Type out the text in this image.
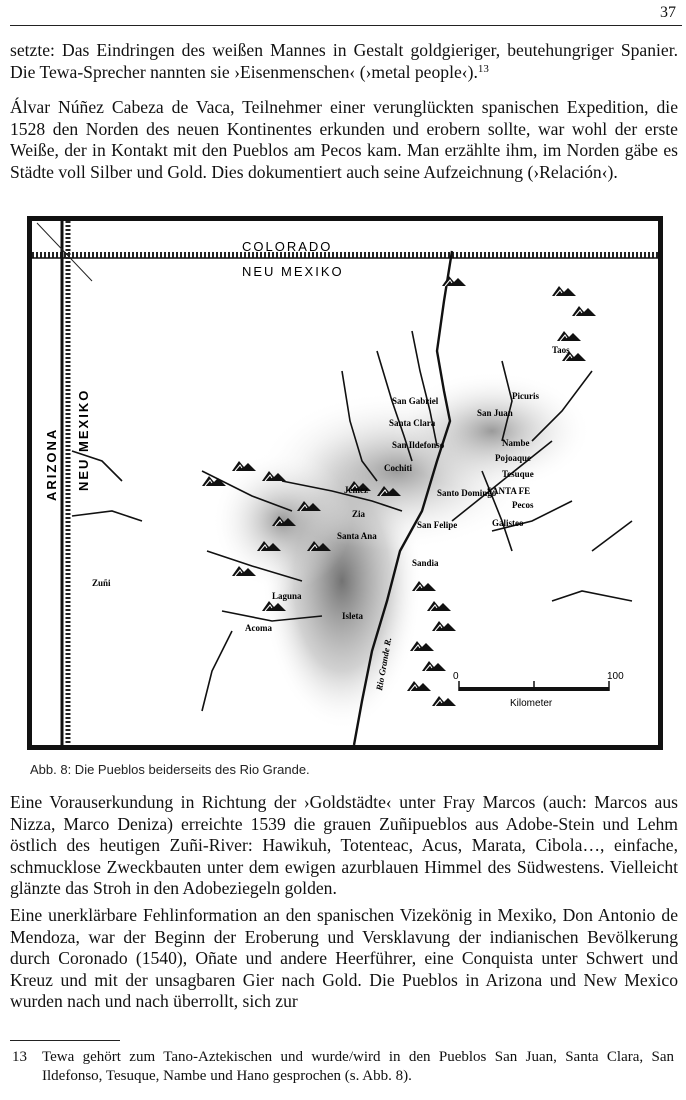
37

setzte: Das Eindringen des weißen Mannes in Gestalt goldgieriger, beutehungriger Spanier. Die Tewa-Sprecher nannten sie ›Eisenmenschen‹ (›metal people‹).$^{13}$

Álvar Núñez Cabeza de Vaca, Teilnehmer einer verunglückten spanischen Expedition, die 1528 den Norden des neuen Kontinentes erkunden und erobern sollte, war wohl der erste Weiße, der in Kontakt mit den Pueblos am Pecos kam. Man erzählte ihm, im Norden gäbe es Städte voll Silber und Gold. Dies dokumentiert auch seine Aufzeichnung (›Relación‹).

COLORADO
NEU MEXIKO
ARIZONA NEU MEXIKO
Taos
Picuris
San Juan
San Gabriel
Santa Clara
San Ildefonso
Cochiti
Nambe
Pojoaque
Tesuque
SANTA FE
Pecos
Jemez
Zia
Santo Domingo
Santa Ana
San Felipe	Galisteo
Sandia
Zuñi
Laguna
Isleta
Acoma
Rio Grande R.	0	100
Kilometer
Abb. 8: Die Pueblos beiderseits des Rio Grande.

Eine Vorauserkundung in Richtung der ›Goldstädte‹ unter Fray Marcos (auch: Marcos aus Nizza, Marco Deniza) erreichte 1539 die grauen Zuñipueblos aus Adobe-Stein und Lehm östlich des heutigen Zuñi-River: Hawikuh, Totenteac, Acus, Marata, Cibola…, einfache, schmucklose Zweckbauten unter dem ewigen azurblauen Himmel des Südwestens. Vielleicht glänzte das Stroh in den Adobeziegeln golden.

Eine unerklärbare Fehlinformation an den spanischen Vizekönig in Mexiko, Don Antonio de Mendoza, war der Beginn der Eroberung und Versklavung der indianischen Bevölkerung durch Coronado (1540), Oñate und andere Heerführer, eine Conquista unter Schwert und Kreuz und mit der unsagbaren Gier nach Gold. Die Pueblos in Arizona und New Mexico wurden nach und nach überrollt, sich zur

13 Tewa gehört zum Tano-Aztekischen und wurde/wird in den Pueblos San Juan, Santa Clara, San Ildefonso, Tesuque, Nambe und Hano gesprochen (s. Abb. 8).
